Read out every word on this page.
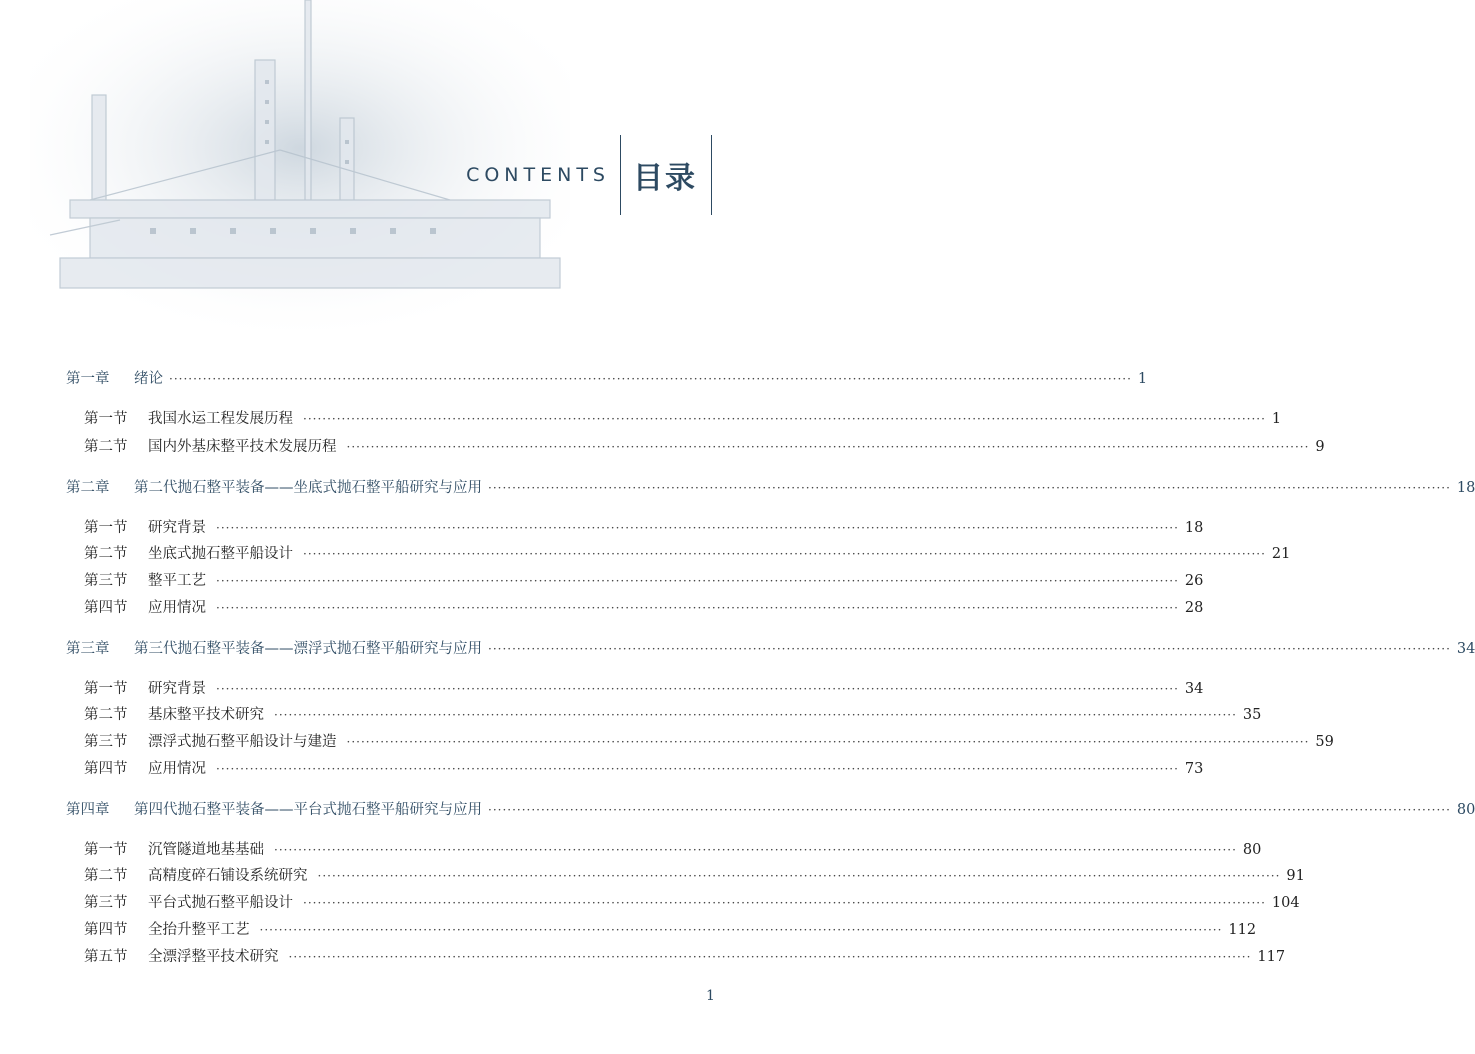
CONTENTS 目录
第一章	绪论 ········································································································································································································ 1
第一节	我国水运工程发展历程 ········································································································································································································ 1
第二节	国内外基床整平技术发展历程 ········································································································································································································ 9
第二章	第二代抛石整平装备——坐底式抛石整平船研究与应用 ········································································································································································································ 18
第一节	研究背景 ········································································································································································································ 18
第二节	坐底式抛石整平船设计 ········································································································································································································ 21
第三节	整平工艺 ········································································································································································································ 26
第四节	应用情况 ········································································································································································································ 28
第三章	第三代抛石整平装备——漂浮式抛石整平船研究与应用 ········································································································································································································ 34
第一节	研究背景 ········································································································································································································ 34
第二节	基床整平技术研究 ········································································································································································································ 35
第三节	漂浮式抛石整平船设计与建造 ········································································································································································································ 59
第四节	应用情况 ········································································································································································································ 73
第四章	第四代抛石整平装备——平台式抛石整平船研究与应用 ········································································································································································································ 80
第一节	沉管隧道地基基础 ········································································································································································································ 80
第二节	高精度碎石铺设系统研究 ········································································································································································································ 91
第三节	平台式抛石整平船设计 ········································································································································································································ 104
第四节	全抬升整平工艺 ········································································································································································································ 112
第五节	全漂浮整平技术研究 ········································································································································································································ 117
1
